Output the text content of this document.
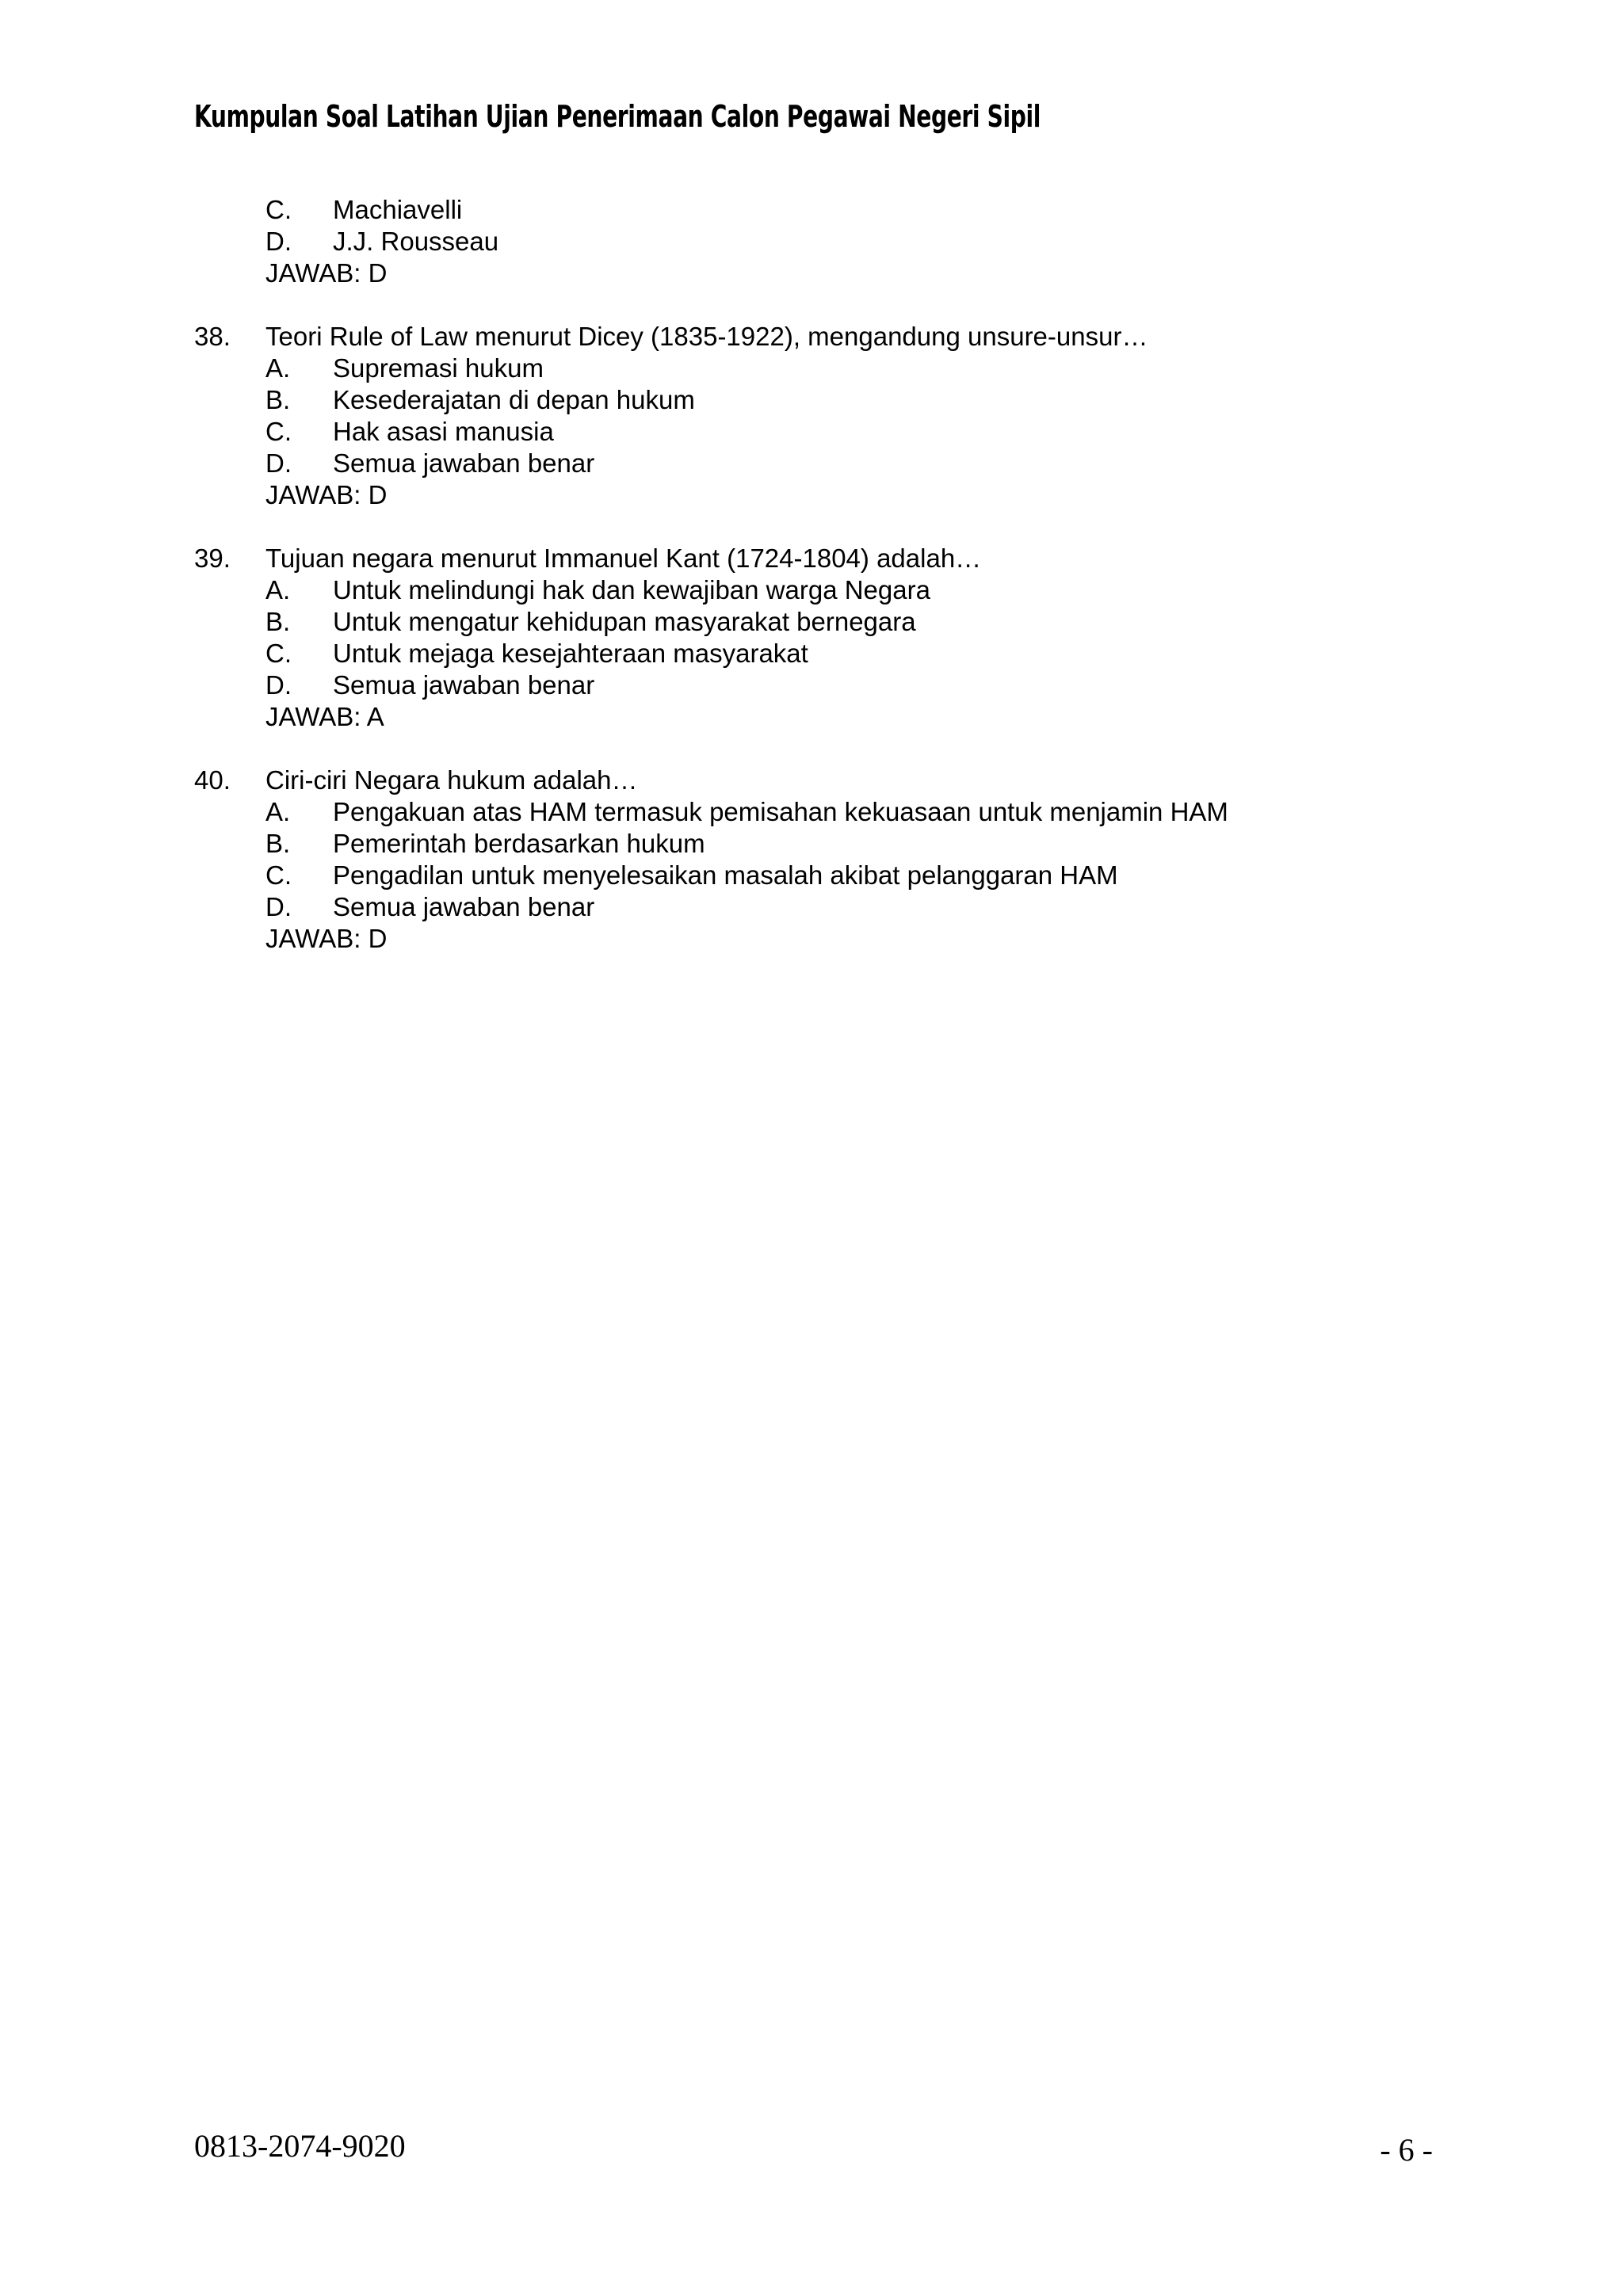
Kumpulan Soal Latihan Ujian Penerimaan Calon Pegawai Negeri Sipil
C. Machiavelli
D. J.J. Rousseau
JAWAB: D
38. Teori Rule of Law menurut Dicey (1835-1922), mengandung unsure-unsur…
A. Supremasi hukum
B. Kesederajatan di depan hukum
C. Hak asasi manusia
D. Semua jawaban benar
JAWAB: D
39. Tujuan negara menurut Immanuel Kant (1724-1804) adalah…
A. Untuk melindungi hak dan kewajiban warga Negara
B. Untuk mengatur kehidupan masyarakat bernegara
C. Untuk mejaga kesejahteraan masyarakat
D. Semua jawaban benar
JAWAB: A
40. Ciri-ciri Negara hukum adalah…
A. Pengakuan atas HAM termasuk pemisahan kekuasaan untuk menjamin HAM
B. Pemerintah berdasarkan hukum
C. Pengadilan untuk menyelesaikan masalah akibat pelanggaran HAM
D. Semua jawaban benar
JAWAB: D
0813-2074-9020	- 6 -
